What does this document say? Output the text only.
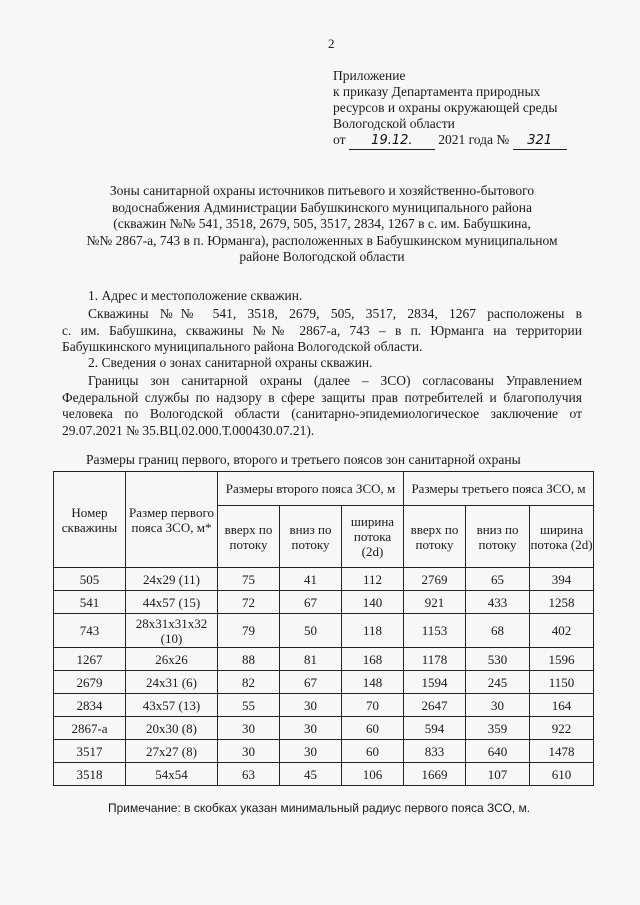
2
Приложение
к приказу Департамента природных
ресурсов и охраны окружающей среды
Вологодской области
от 19.12. 2021 года № 321
Зоны санитарной охраны источников питьевого и хозяйственно-бытового
водоснабжения Администрации Бабушкинского муниципального района
(скважин №№ 541, 3518, 2679, 505, 3517, 2834, 1267 в с. им. Бабушкина,
№№ 2867-а, 743 в п. Юрманга), расположенных в Бабушкинском муниципальном
районе Вологодской области
1. Адрес и местоположение скважин.
Скважины №№ 541, 3518, 2679, 505, 3517, 2834, 1267 расположены в
с. им. Бабушкина, скважины №№ 2867-а, 743 – в п. Юрманга на территории
Бабушкинского муниципального района Вологодской области.
2. Сведения о зонах санитарной охраны скважин.
Границы зон санитарной охраны (далее – ЗСО) согласованы Управлением
Федеральной службы по надзору в сфере защиты прав потребителей и благополучия
человека по Вологодской области (санитарно-эпидемиологическое заключение от
29.07.2021 № 35.ВЦ.02.000.Т.000430.07.21).
Размеры границ первого, второго и третьего поясов зон санитарной охраны
Номер скважины	Размер первого пояса ЗСО, м*	Размеры второго пояса ЗСО, м			Размеры третьего пояса ЗСО, м		
		вверх по потоку	вниз по потоку	ширина потока (2d)	вверх по потоку	вниз по потоку	ширина потока (2d)
505	24x29 (11)	75	41	112	2769	65	394
541	44x57 (15)	72	67	140	921	433	1258
743	28x31x31x32 (10)	79	50	118	1153	68	402
1267	26x26	88	81	168	1178	530	1596
2679	24x31 (6)	82	67	148	1594	245	1150
2834	43x57 (13)	55	30	70	2647	30	164
2867-а	20x30 (8)	30	30	60	594	359	922
3517	27x27 (8)	30	30	60	833	640	1478
3518	54x54	63	45	106	1669	107	610
Примечание: в скобках указан минимальный радиус первого пояса ЗСО, м.
